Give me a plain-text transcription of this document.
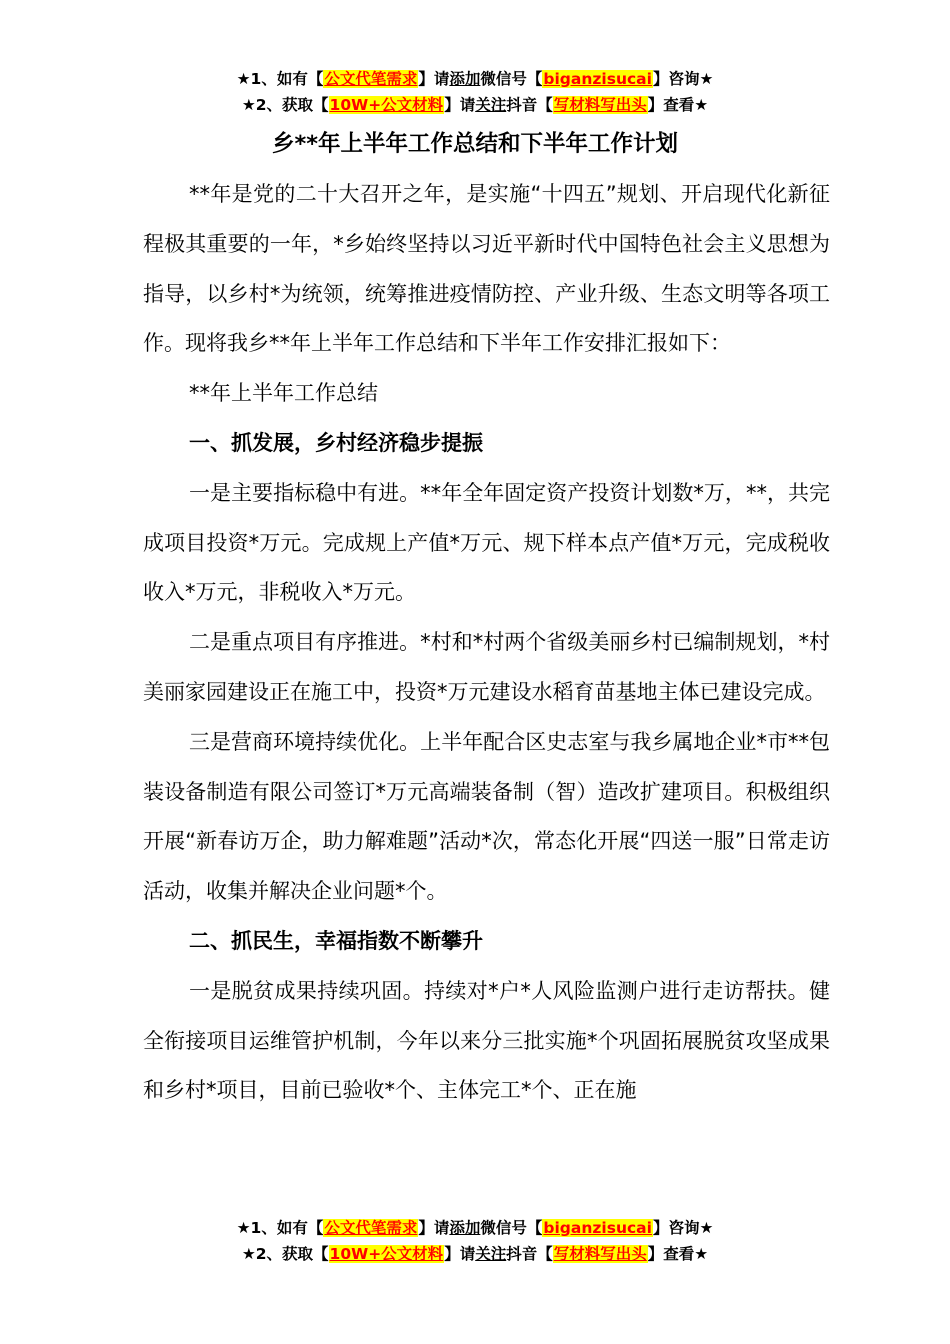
★1、如有【公文代笔需求】请添加微信号【biganzisucai】咨询★
★2、获取【10W+公文材料】请关注抖音【写材料写出头】查看★
乡**年上半年工作总结和下半年工作计划

**年是党的二十大召开之年，是实施“十四五”规划、开启现代化新征程极其重要的一年，*乡始终坚持以习近平新时代中国特色社会主义思想为指导，以乡村*为统领，统筹推进疫情防控、产业升级、生态文明等各项工作。现将我乡**年上半年工作总结和下半年工作安排汇报如下：

**年上半年工作总结

一、抓发展，乡村经济稳步提振

一是主要指标稳中有进。**年全年固定资产投资计划数*万，**，共完成项目投资*万元。完成规上产值*万元、规下样本点产值*万元，完成税收收入*万元，非税收入*万元。

二是重点项目有序推进。*村和*村两个省级美丽乡村已编制规划，*村美丽家园建设正在施工中，投资*万元建设水稻育苗基地主体已建设完成。

三是营商环境持续优化。上半年配合区史志室与我乡属地企业*市**包装设备制造有限公司签订*万元高端装备制（智）造改扩建项目。积极组织开展“新春访万企，助力解难题”活动*次，常态化开展“四送一服”日常走访活动，收集并解决企业问题*个。

二、抓民生，幸福指数不断攀升

一是脱贫成果持续巩固。持续对*户*人风险监测户进行走访帮扶。健全衔接项目运维管护机制，今年以来分三批实施*个巩固拓展脱贫攻坚成果和乡村*项目，目前已验收*个、主体完工*个、正在施

★1、如有【公文代笔需求】请添加微信号【biganzisucai】咨询★
★2、获取【10W+公文材料】请关注抖音【写材料写出头】查看★
